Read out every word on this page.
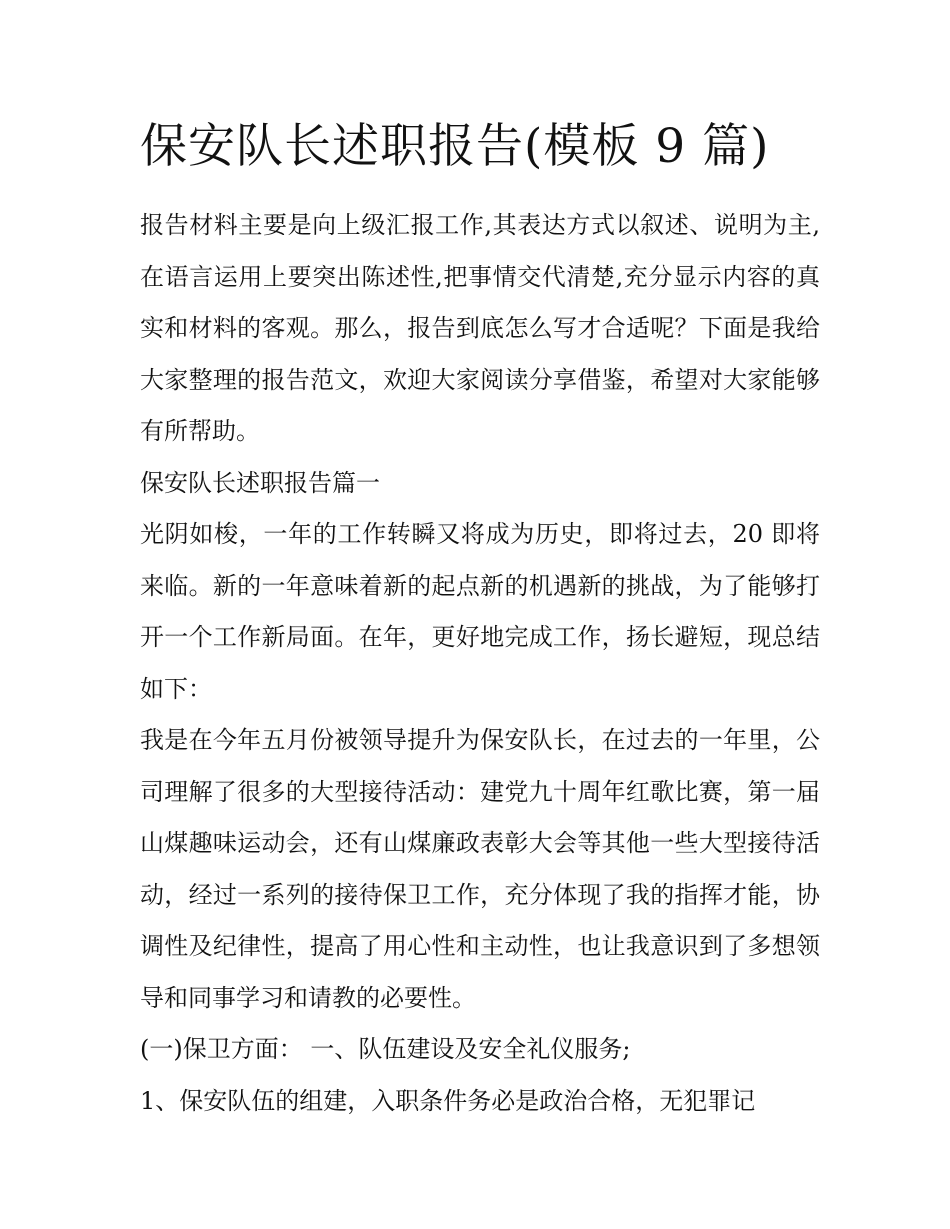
保安队长述职报告(模板 9 篇)

报告材料主要是向上级汇报工作,其表达方式以叙述、说明为主,在语言运用上要突出陈述性,把事情交代清楚,充分显示内容的真实和材料的客观。那么，报告到底怎么写才合适呢？下面是我给大家整理的报告范文，欢迎大家阅读分享借鉴，希望对大家能够有所帮助。

保安队长述职报告篇一

光阴如梭，一年的工作转瞬又将成为历史，即将过去，20 即将来临。新的一年意味着新的起点新的机遇新的挑战，为了能够打开一个工作新局面。在年，更好地完成工作，扬长避短，现总结如下：

我是在今年五月份被领导提升为保安队长，在过去的一年里，公司理解了很多的大型接待活动：建党九十周年红歌比赛，第一届山煤趣味运动会，还有山煤廉政表彰大会等其他一些大型接待活动，经过一系列的接待保卫工作，充分体现了我的指挥才能，协调性及纪律性，提高了用心性和主动性，也让我意识到了多想领导和同事学习和请教的必要性。

(一)保卫方面： 一、队伍建设及安全礼仪服务;

1、保安队伍的组建，入职条件务必是政治合格，无犯罪记
